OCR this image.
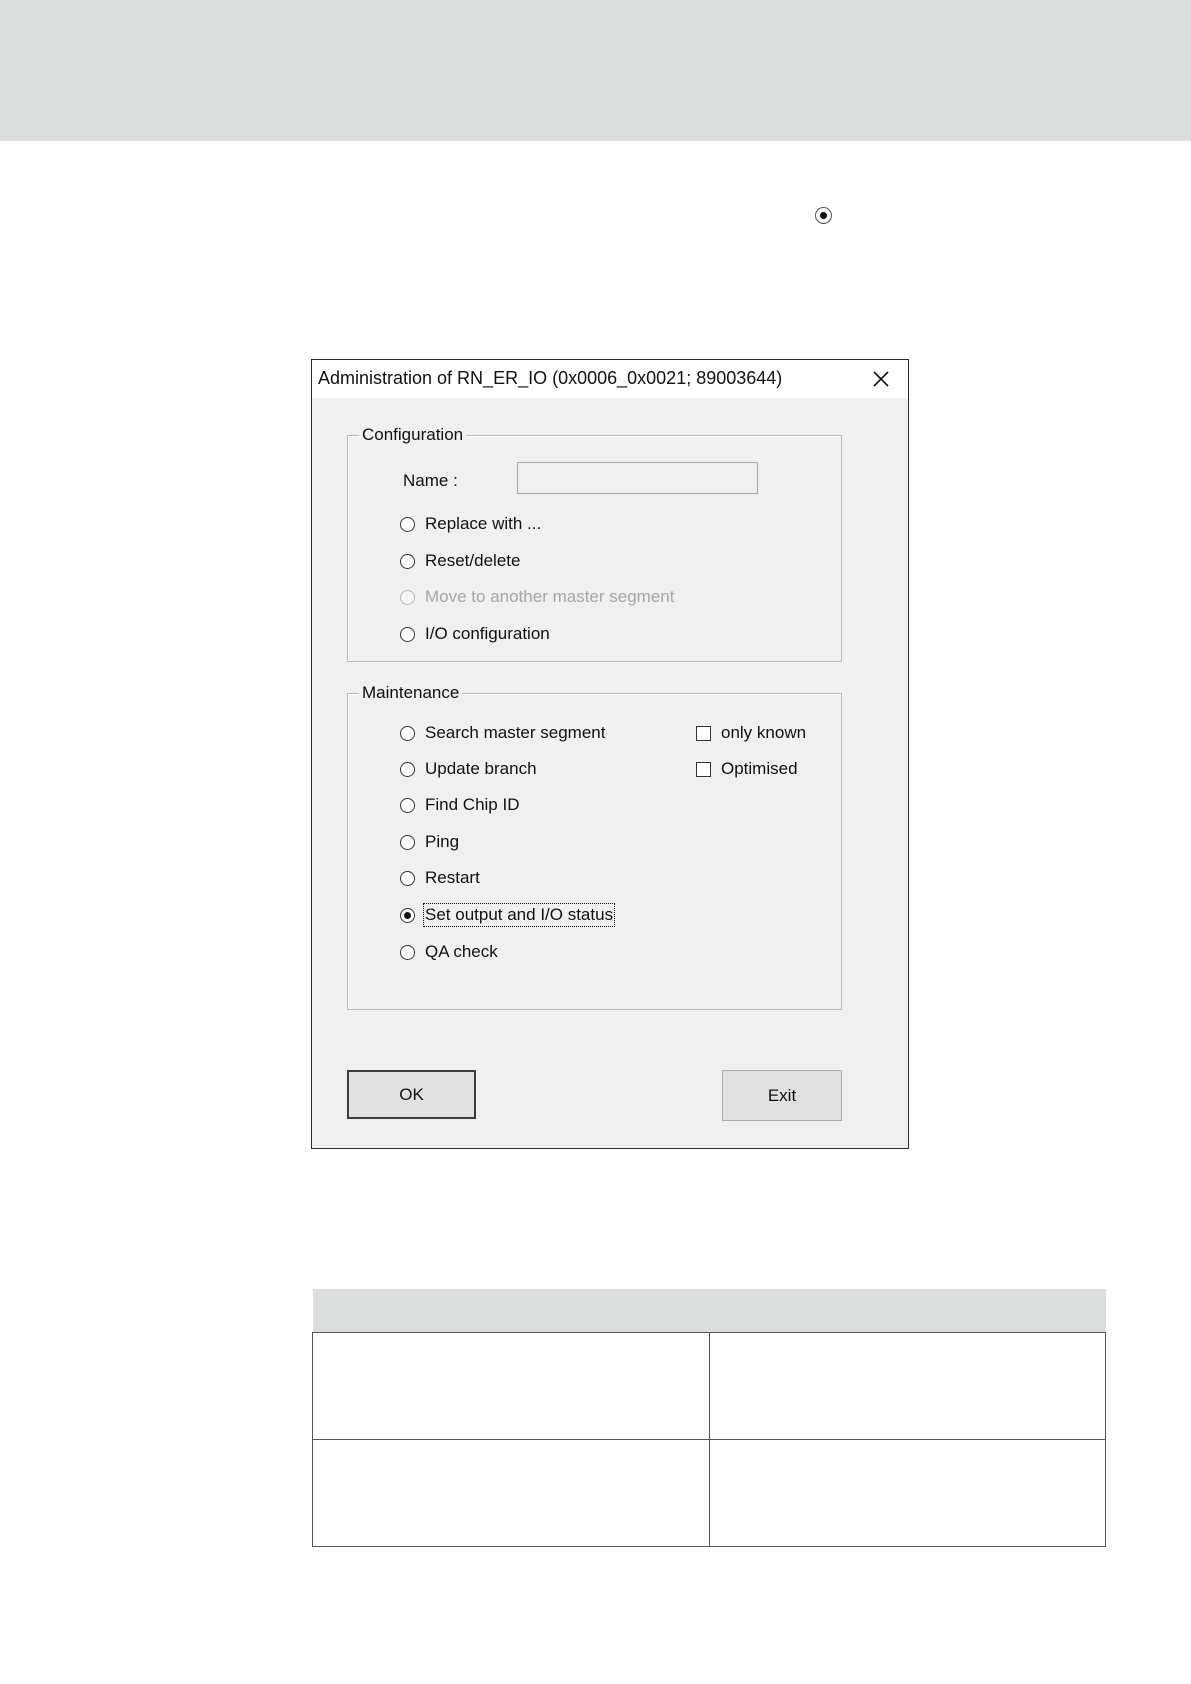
Administration of RN_ER_IO (0x0006_0x0021; 89003644)
Configuration
Name :
Replace with ...
Reset/delete
Move to another master segment
I/O configuration
Maintenance
Search master segment
Update branch
Find Chip ID
Ping
Restart
Set output and I/O status
QA check
only known
Optimised
OK	Exit
